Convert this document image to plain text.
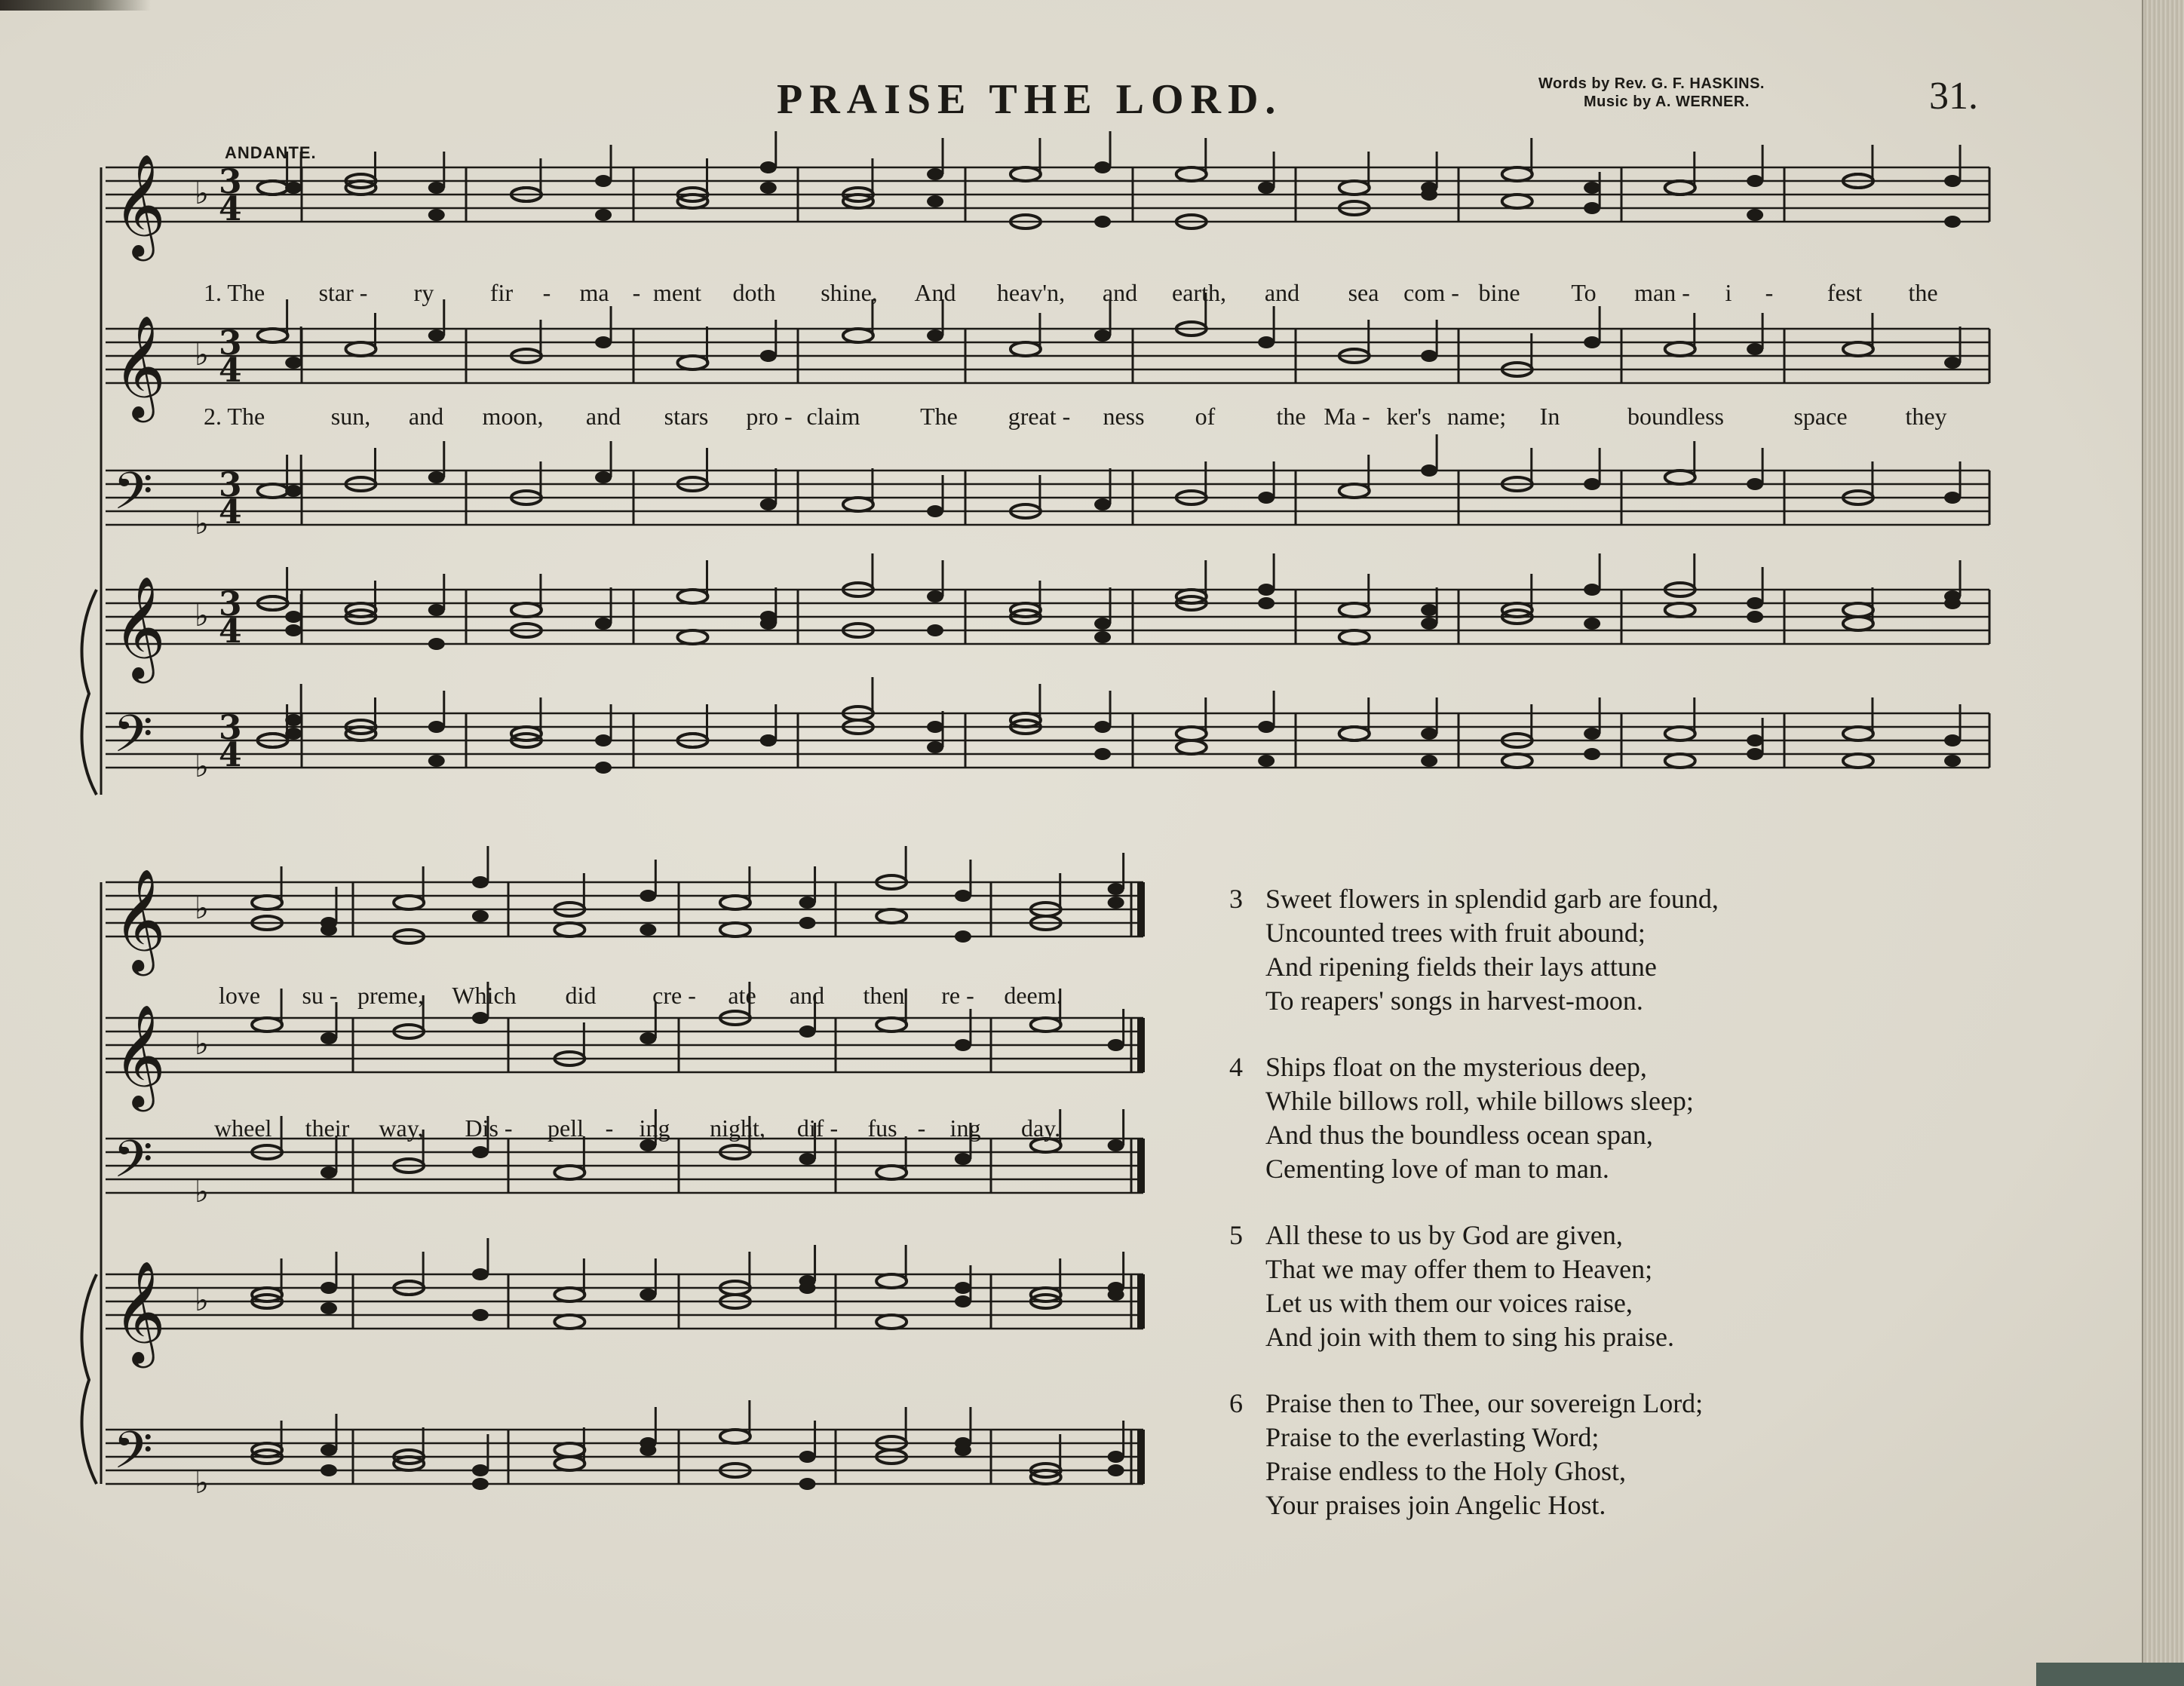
PRAISE THE LORD.	Words by Rev. G. F. HASKINS.
Music by A. WERNER.	31.
ANDANTE.
𝄞 ♭ 3
4
𝄞 ♭ 3
4
𝄢 ♭
3
4
𝄞 ♭ 3
4
𝄢 ♭
3
4
𝄞 ♭
𝄞 ♭
𝄢 ♭
𝄞 ♭
𝄢 ♭
1. The star - ry fir - ma - ment doth shine, And heav'n, and earth, and sea com - bine To man - i - fest the
2. The	sun, and moon, and stars pro - claim The great - ness of	the Ma - ker's name; In	boundless	space they
love su - preme, Which did cre - ate and then re - deem.
wheel their way, Dis - pell - ing night, dif - fus - ing day.
3 Sweet flowers in splendid garb are found,
Uncounted trees with fruit abound;
And ripening fields their lays attune
To reapers' songs in harvest-moon.
4 Ships float on the mysterious deep,
While billows roll, while billows sleep;
And thus the boundless ocean span,
Cementing love of man to man.
5 All these to us by God are given,
That we may offer them to Heaven;
Let us with them our voices raise,
And join with them to sing his praise.
6 Praise then to Thee, our sovereign Lord;
Praise to the everlasting Word;
Praise endless to the Holy Ghost,
Your praises join Angelic Host.
